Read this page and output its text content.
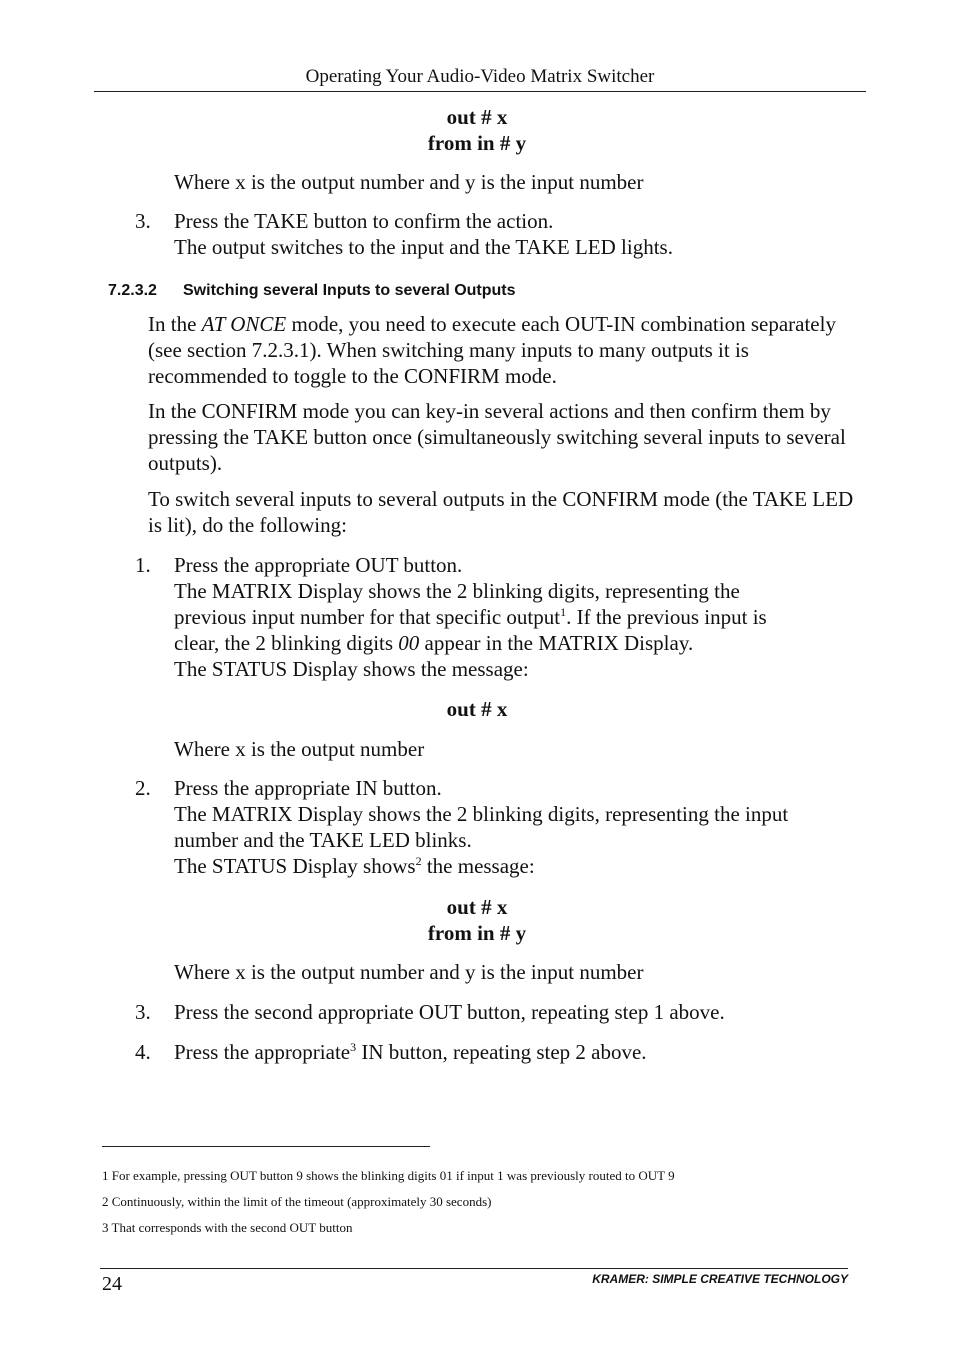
Operating Your Audio-Video Matrix Switcher
out # x
from in # y
Where x is the output number and y is the input number
3.	Press the TAKE button to confirm the action.
The output switches to the input and the TAKE LED lights.
7.2.3.2 Switching several Inputs to several Outputs
In the AT ONCE mode, you need to execute each OUT-IN combination separately (see section 7.2.3.1). When switching many inputs to many outputs it is recommended to toggle to the CONFIRM mode.
In the CONFIRM mode you can key-in several actions and then confirm them by pressing the TAKE button once (simultaneously switching several inputs to several outputs).
To switch several inputs to several outputs in the CONFIRM mode (the TAKE LED is lit), do the following:
1.	Press the appropriate OUT button.
The MATRIX Display shows the 2 blinking digits, representing the
previous input number for that specific output$^1$. If the previous input is
clear, the 2 blinking digits 00 appear in the MATRIX Display.
The STATUS Display shows the message:
out # x
Where x is the output number
2.	Press the appropriate IN button.
The MATRIX Display shows the 2 blinking digits, representing the input
number and the TAKE LED blinks.
The STATUS Display shows$^2$ the message:
out # x
from in # y
Where x is the output number and y is the input number
3.	Press the second appropriate OUT button, repeating step 1 above.
4.	Press the appropriate$^3$ IN button, repeating step 2 above.
1 For example, pressing OUT button 9 shows the blinking digits 01 if input 1 was previously routed to OUT 9
2 Continuously, within the limit of the timeout (approximately 30 seconds)
3 That corresponds with the second OUT button
24	KRAMER: SIMPLE CREATIVE TECHNOLOGY
